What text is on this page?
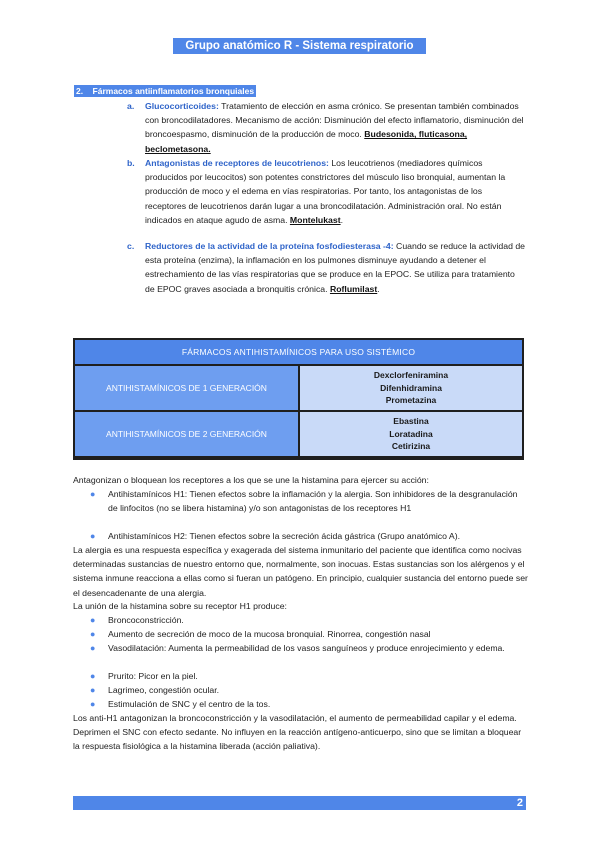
Grupo anatómico R - Sistema respiratorio
2. Fármacos antiinflamatorios bronquiales
a. Glucocorticoides: Tratamiento de elección en asma crónico. Se presentan también combinados con broncodilatadores. Mecanismo de acción: Disminución del efecto inflamatorio, disminución del broncoespasmo, disminución de la producción de moco. Budesonida, fluticasona, beclometasona.
b. Antagonistas de receptores de leucotrienos: Los leucotrienos (mediadores químicos producidos por leucocitos) son potentes constrictores del músculo liso bronquial, aumentan la producción de moco y el edema en vías respiratorias. Por tanto, los antagonistas de los receptores de leucotrienos darán lugar a una broncodilatación. Administración oral. No están indicados en ataque agudo de asma. Montelukast.
c. Reductores de la actividad de la proteína fosfodiesterasa -4: Cuando se reduce la actividad de esta proteína (enzima), la inflamación en los pulmones disminuye ayudando a detener el estrechamiento de las vías respiratorias que se produce en la EPOC. Se utiliza para tratamiento de EPOC graves asociada a bronquitis crónica. Roflumilast.
FÁRMACOS ANTIHISTAMÍNICOS PARA USO SISTÉMICO
ANTIHISTAMÍNICOS DE 1 GENERACIÓN
Dexclorfeniramina
Difenhidramina
Prometazina
ANTIHISTAMÍNICOS DE 2 GENERACIÓN
Ebastina
Loratadina
Cetirizina
Antagonizan o bloquean los receptores a los que se une la histamina para ejercer su acción:
● Antihistamínicos H1: Tienen efectos sobre la inflamación y la alergia. Son inhibidores de la desgranulación de linfocitos (no se libera histamina) y/o son antagonistas de los receptores H1
● Antihistamínicos H2: Tienen efectos sobre la secreción ácida gástrica (Grupo anatómico A).
La alergia es una respuesta específica y exagerada del sistema inmunitario del paciente que identifica como nocivas determinadas sustancias de nuestro entorno que, normalmente, son inocuas. Estas sustancias son los alérgenos y el sistema inmune reacciona a ellas como si fueran un patógeno. En principio, cualquier sustancia del entorno puede ser el desencadenante de una alergia.
La unión de la histamina sobre su receptor H1 produce:
● Broncoconstricción.
● Aumento de secreción de moco de la mucosa bronquial. Rinorrea, congestión nasal
● Vasodilatación: Aumenta la permeabilidad de los vasos sanguíneos y produce enrojecimiento y edema.
● Prurito: Picor en la piel.
● Lagrimeo, congestión ocular.
● Estimulación de SNC y el centro de la tos.
Los anti-H1 antagonizan la broncoconstricción y la vasodilatación, el aumento de permeabilidad capilar y el edema. Deprimen el SNC con efecto sedante. No influyen en la reacción antígeno-anticuerpo, sino que se limitan a bloquear la respuesta fisiológica a la histamina liberada (acción paliativa).
2
